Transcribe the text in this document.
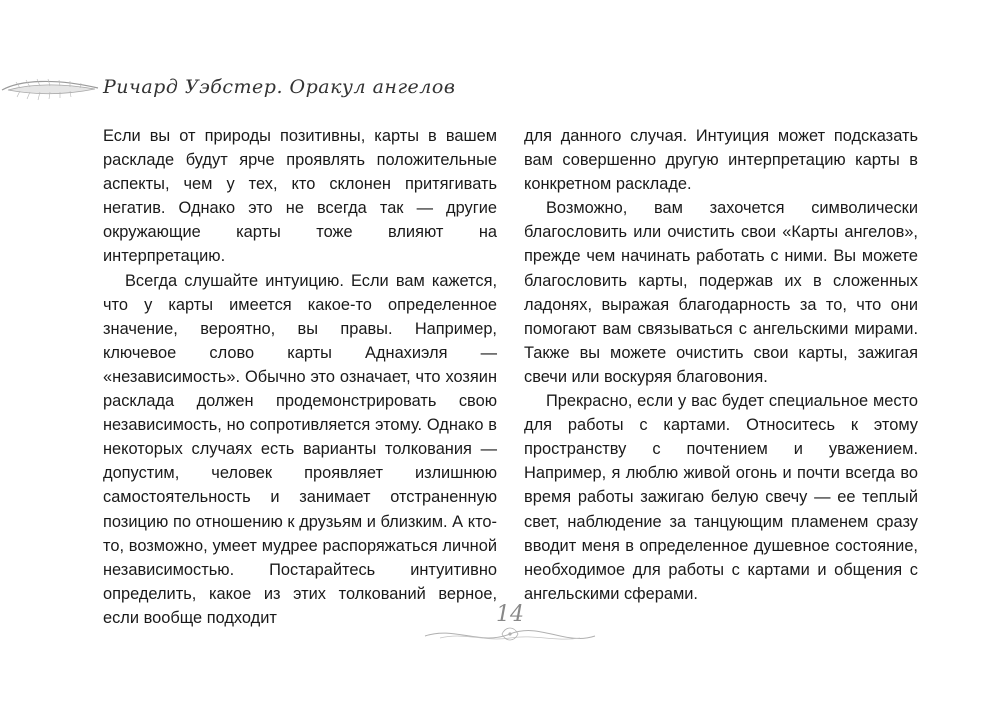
Ричард Уэбстер. Оракул ангелов

Если вы от природы позитивны, карты в вашем раскладе будут ярче проявлять положительные аспекты, чем у тех, кто склонен притягивать негатив. Однако это не всегда так — другие окружающие карты тоже влияют на интерпретацию.

Всегда слушайте интуицию. Если вам кажется, что у карты имеется какое-то определенное значение, вероятно, вы правы. Например, ключевое слово карты Аднахиэля — «независимость». Обычно это означает, что хозяин расклада должен продемонстрировать свою независимость, но сопротивляется этому. Однако в некоторых случаях есть варианты толкования — допустим, человек проявляет излишнюю самостоятельность и занимает отстраненную позицию по отношению к друзьям и близким. А кто-то, возможно, умеет мудрее распоряжаться личной независимостью. Постарайтесь интуитивно определить, какое из этих толкований верное, если вообще подходит

для данного случая. Интуиция может подсказать вам совершенно другую интерпретацию карты в конкретном раскладе.

Возможно, вам захочется символически благословить или очистить свои «Карты ангелов», прежде чем начинать работать с ними. Вы можете благословить карты, подержав их в сложенных ладонях, выражая благодарность за то, что они помогают вам связываться с ангельскими мирами. Также вы можете очистить свои карты, зажигая свечи или воскуряя благовония.

Прекрасно, если у вас будет специальное место для работы с картами. Относитесь к этому пространству с почтением и уважением. Например, я люблю живой огонь и почти всегда во время работы зажигаю белую свечу — ее теплый свет, наблюдение за танцующим пламенем сразу вводит меня в определенное душевное состояние, необходимое для работы с картами и общения с ангельскими сферами.

14
